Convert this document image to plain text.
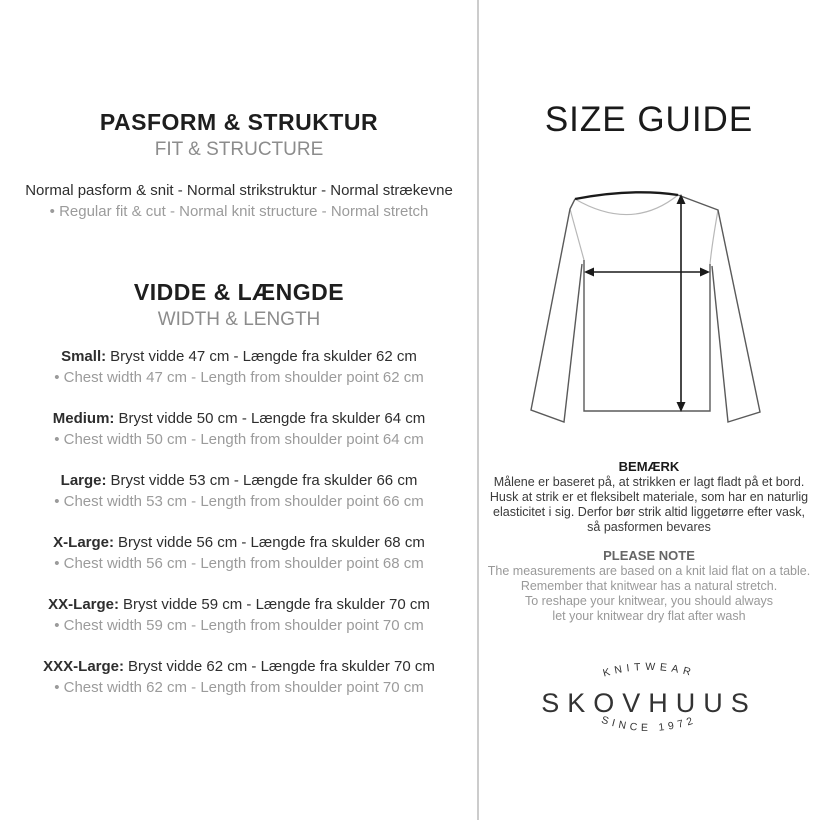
PASFORM & STRUKTUR
FIT & STRUCTURE
Normal pasform & snit - Normal strikstruktur - Normal strækevne
• Regular fit & cut - Normal knit structure - Normal stretch
VIDDE & LÆNGDE
WIDTH & LENGTH
Small: Bryst vidde 47 cm - Længde fra skulder 62 cm
• Chest width 47 cm - Length from shoulder point 62 cm
Medium: Bryst vidde 50 cm - Længde fra skulder 64 cm
• Chest width 50 cm - Length from shoulder point 64 cm
Large: Bryst vidde 53 cm - Længde fra skulder 66 cm
• Chest width 53 cm - Length from shoulder point 66 cm
X-Large: Bryst vidde 56 cm - Længde fra skulder 68 cm
• Chest width 56 cm - Length from shoulder point 68 cm
XX-Large: Bryst vidde 59 cm - Længde fra skulder 70 cm
• Chest width 59 cm - Length from shoulder point 70 cm
XXX-Large: Bryst vidde 62 cm - Længde fra skulder 70 cm
• Chest width 62 cm - Length from shoulder point 70 cm
SIZE GUIDE
BEMÆRK
Målene er baseret på, at strikken er lagt fladt på et bord.
Husk at strik er et fleksibelt materiale, som har en naturlig
elasticitet i sig. Derfor bør strik altid liggetørre efter vask,
så pasformen bevares
PLEASE NOTE
The measurements are based on a knit laid flat on a table.
Remember that knitwear has a natural stretch.
To reshape your knitwear, you should always
let your knitwear dry flat after wash
KNITWEAR
SKOVHUUS
SINCE 1972
